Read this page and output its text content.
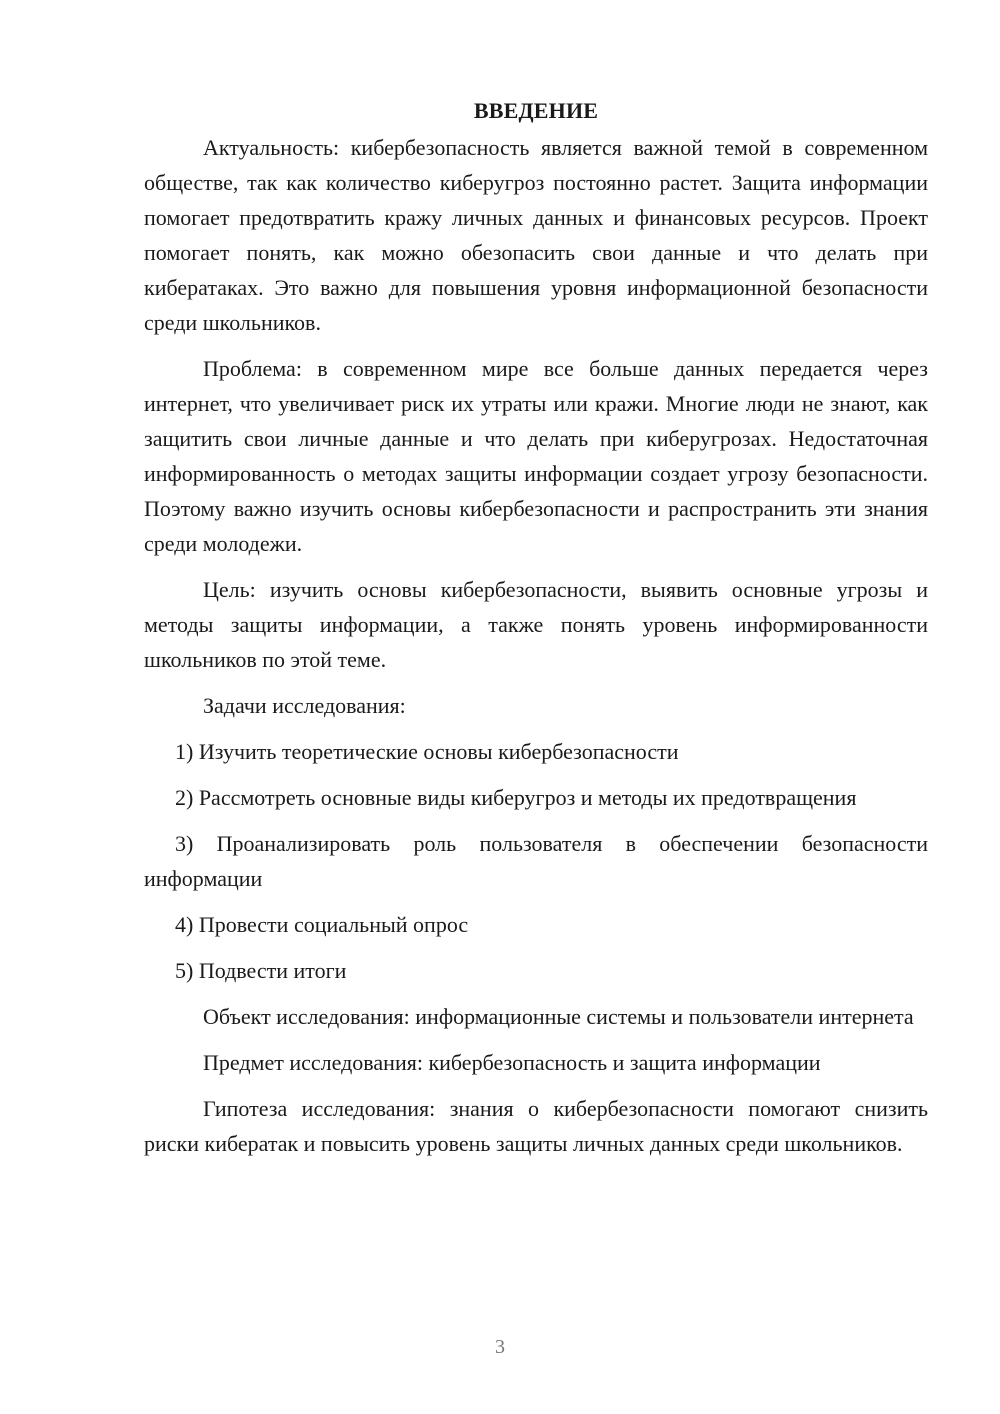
ВВЕДЕНИЕ

Актуальность: кибербезопасность является важной темой в современном обществе, так как количество киберугроз постоянно растет. Защита информации помогает предотвратить кражу личных данных и финансовых ресурсов. Проект помогает понять, как можно обезопасить свои данные и что делать при кибератаках. Это важно для повышения уровня информационной безопасности среди школьников.

Проблема: в современном мире все больше данных передается через интернет, что увеличивает риск их утраты или кражи. Многие люди не знают, как защитить свои личные данные и что делать при киберугрозах. Недостаточная информированность о методах защиты информации создает угрозу безопасности. Поэтому важно изучить основы кибербезопасности и распространить эти знания среди молодежи.

Цель: изучить основы кибербезопасности, выявить основные угрозы и методы защиты информации, а также понять уровень информированности школьников по этой теме.

Задачи исследования:

1) Изучить теоретические основы кибербезопасности

2) Рассмотреть основные виды киберугроз и методы их предотвращения

3) Проанализировать роль пользователя в обеспечении безопасности информации

4) Провести социальный опрос

5) Подвести итоги

Объект исследования: информационные системы и пользователи интернета

Предмет исследования: кибербезопасность и защита информации

Гипотеза исследования: знания о кибербезопасности помогают снизить риски кибератак и повысить уровень защиты личных данных среди школьников.

3
